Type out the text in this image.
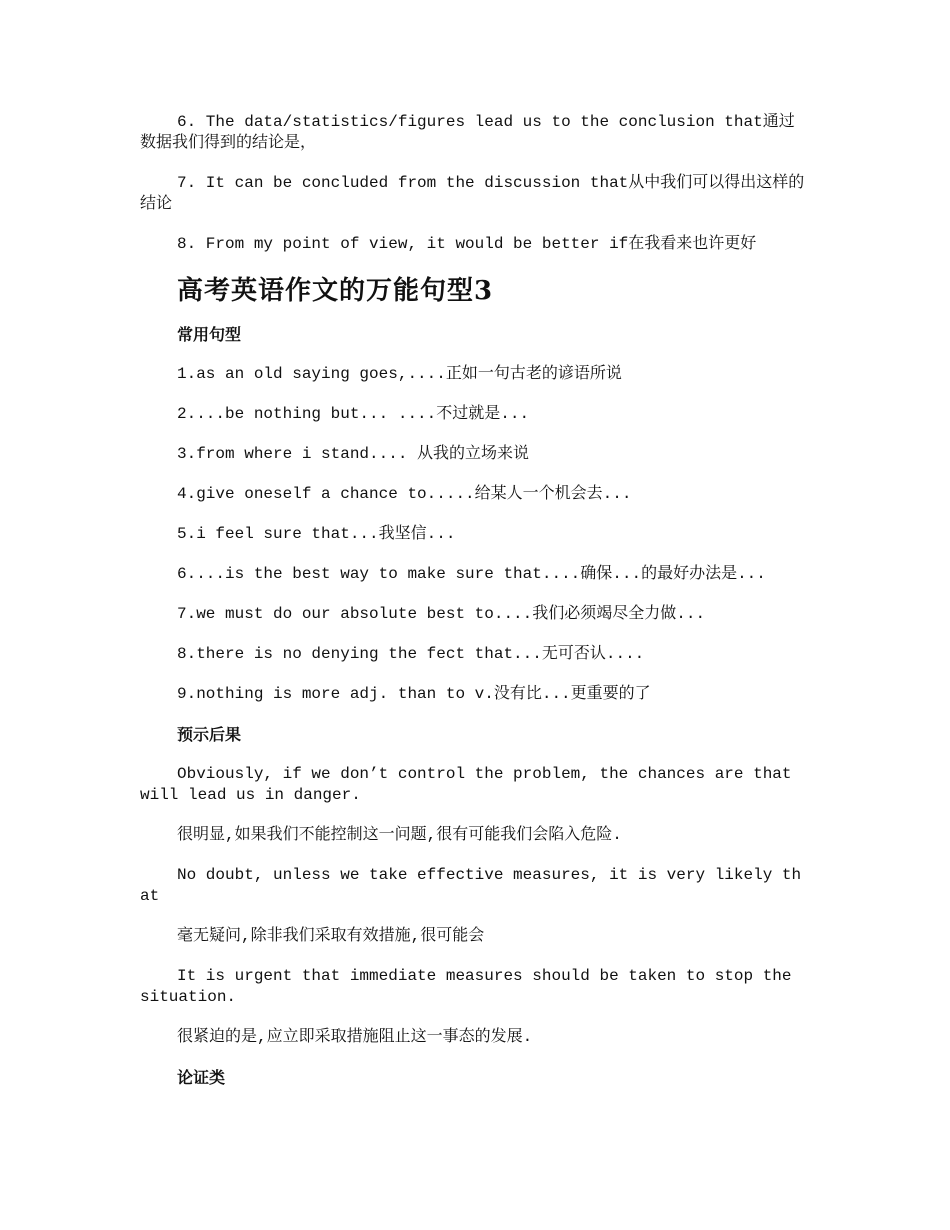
6. The data/statistics/figures lead us to the conclusion that通过数据我们得到的结论是，

7. It can be concluded from the discussion that从中我们可以得出这样的结论

8. From my point of view, it would be better if在我看来也许更好

高考英语作文的万能句型3
常用句型

1.as an old saying goes,....正如一句古老的谚语所说

2....be nothing but... ....不过就是...

3.from where i stand.... 从我的立场来说

4.give oneself a chance to.....给某人一个机会去...

5.i feel sure that...我坚信...

6....is the best way to make sure that....确保...的最好办法是...

7.we must do our absolute best to....我们必须竭尽全力做...

8.there is no denying the fect that...无可否认....

9.nothing is more adj. than to v.没有比...更重要的了

预示后果

Obviously, if we don’t control the problem, the chances are that will lead us in danger.

很明显,如果我们不能控制这一问题,很有可能我们会陷入危险.

No doubt, unless we take effective measures, it is very likely that

毫无疑问,除非我们采取有效措施,很可能会

It is urgent that immediate measures should be taken to stop the situation.

很紧迫的是,应立即采取措施阻止这一事态的发展.

论证类
